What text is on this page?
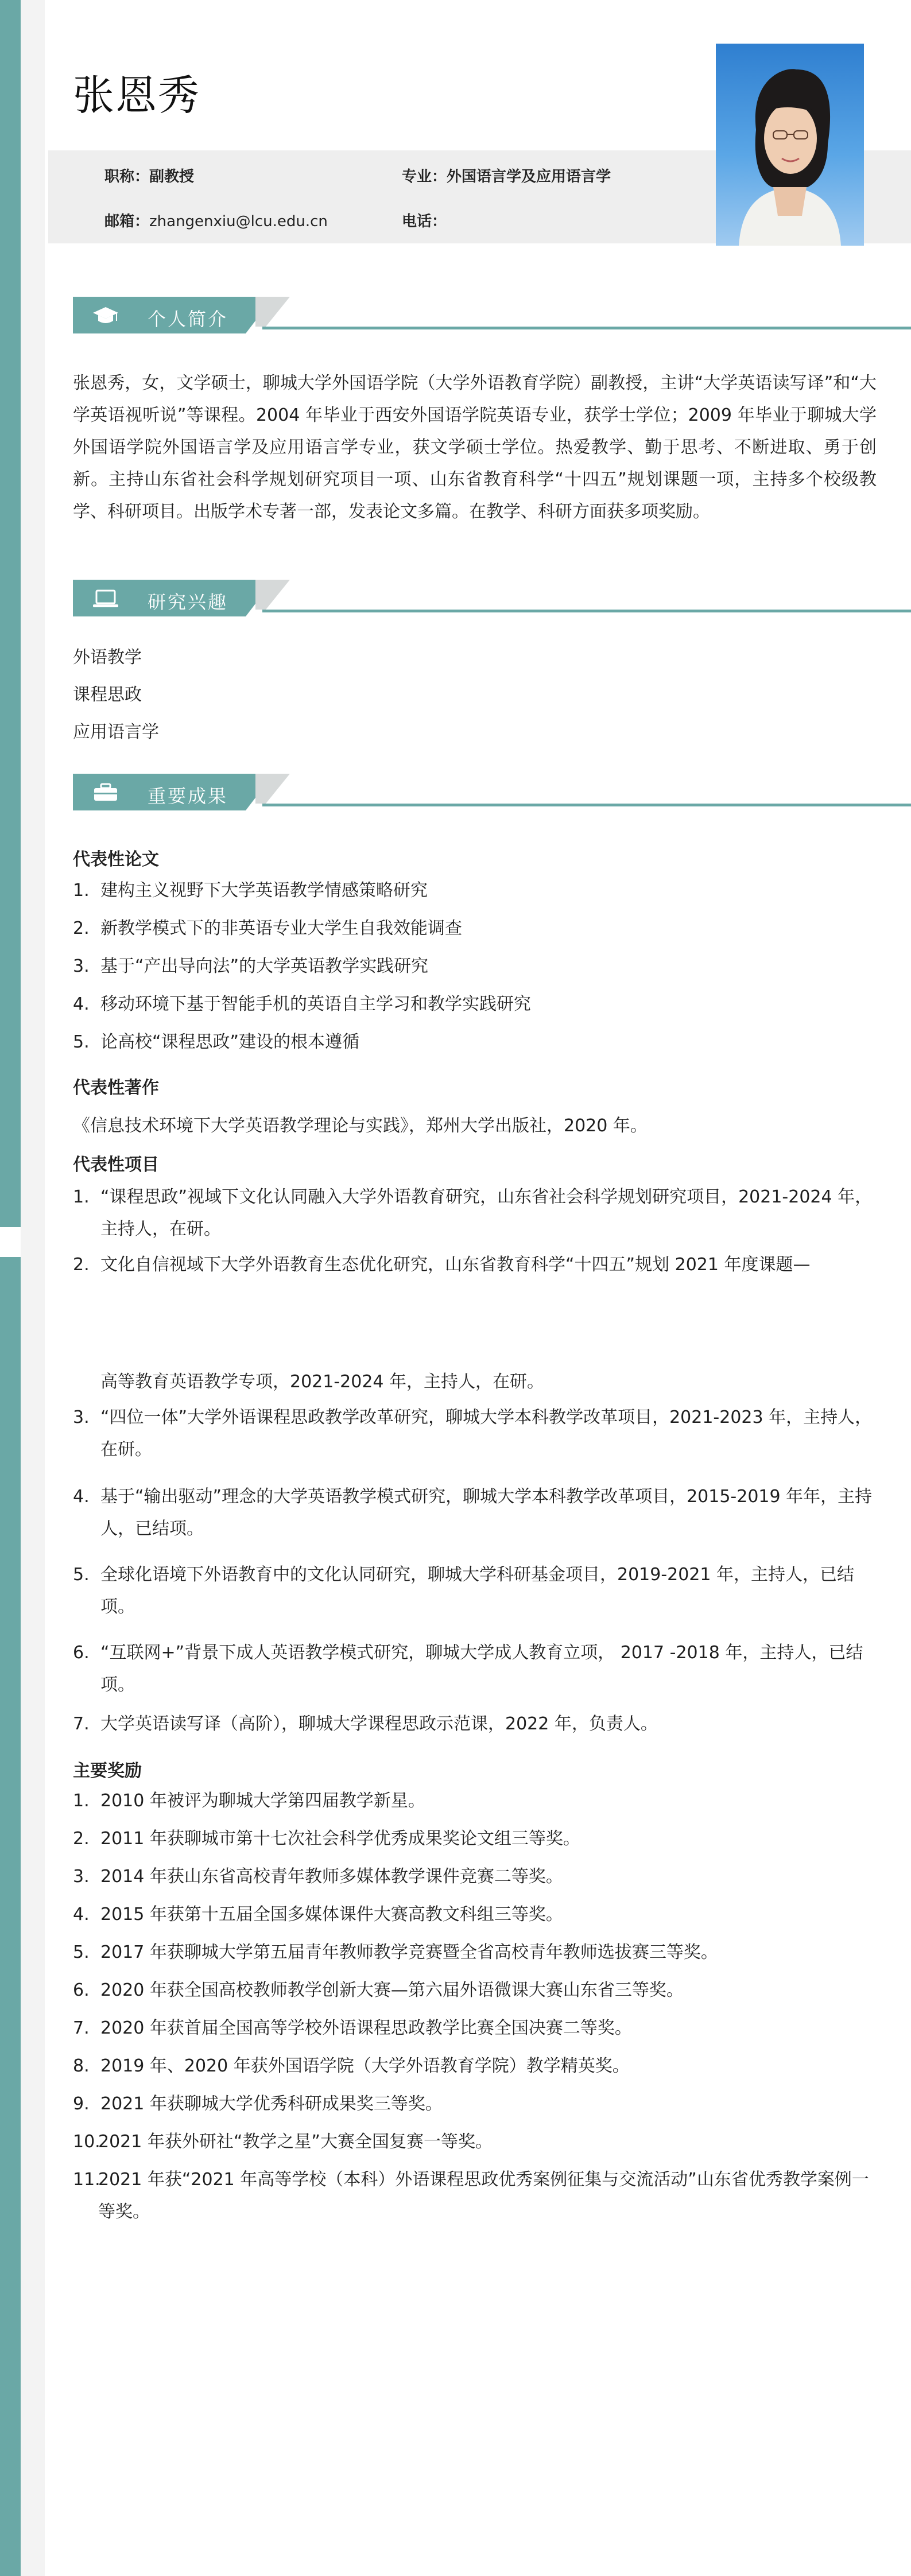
张恩秀
职称：副教授	专业：外国语言学及应用语言学
邮箱：zhangenxiu@lcu.edu.cn	电话：
个人简介
张恩秀，女，文学硕士，聊城大学外国语学院（大学外语教育学院）副教授，主讲“大学英语读写译”和“大学英语视听说”等课程。2004 年毕业于西安外国语学院英语专业，获学士学位；2009 年毕业于聊城大学外国语学院外国语言学及应用语言学专业，获文学硕士学位。热爱教学、勤于思考、不断进取、勇于创新。主持山东省社会科学规划研究项目一项、山东省教育科学“十四五”规划课题一项，主持多个校级教学、科研项目。出版学术专著一部，发表论文多篇。在教学、科研方面获多项奖励。
研究兴趣
外语教学
课程思政
应用语言学
重要成果
代表性论文
1. 建构主义视野下大学英语教学情感策略研究
2. 新教学模式下的非英语专业大学生自我效能调查
3. 基于“产出导向法”的大学英语教学实践研究
4. 移动环境下基于智能手机的英语自主学习和教学实践研究
5. 论高校“课程思政”建设的根本遵循
代表性著作
《信息技术环境下大学英语教学理论与实践》，郑州大学出版社，2020 年。
代表性项目
1. “课程思政”视域下文化认同融入大学外语教育研究，山东省社会科学规划研究项目，2021-2024 年，主持人，在研。
2. 文化自信视域下大学外语教育生态优化研究，山东省教育科学“十四五”规划 2021 年度课题—
高等教育英语教学专项，2021-2024 年，主持人，在研。
3. “四位一体”大学外语课程思政教学改革研究，聊城大学本科教学改革项目，2021-2023 年，主持人，在研。
4. 基于“输出驱动”理念的大学英语教学模式研究，聊城大学本科教学改革项目，2015-2019 年年，主持人，已结项。
5. 全球化语境下外语教育中的文化认同研究，聊城大学科研基金项目，2019-2021 年，主持人，已结项。
6. “互联网+”背景下成人英语教学模式研究，聊城大学成人教育立项， 2017 -2018 年，主持人，已结项。
7. 大学英语读写译（高阶），聊城大学课程思政示范课，2022 年，负责人。
主要奖励
1. 2010 年被评为聊城大学第四届教学新星。
2. 2011 年获聊城市第十七次社会科学优秀成果奖论文组三等奖。
3. 2014 年获山东省高校青年教师多媒体教学课件竞赛二等奖。
4. 2015 年获第十五届全国多媒体课件大赛高教文科组三等奖。
5. 2017 年获聊城大学第五届青年教师教学竞赛暨全省高校青年教师选拔赛三等奖。
6. 2020 年获全国高校教师教学创新大赛—第六届外语微课大赛山东省三等奖。
7. 2020 年获首届全国高等学校外语课程思政教学比赛全国决赛二等奖。
8. 2019 年、2020 年获外国语学院（大学外语教育学院）教学精英奖。
9. 2021 年获聊城大学优秀科研成果奖三等奖。
10.
2021 年获外研社“教学之星”大赛全国复赛一等奖。
11.
2021 年获“2021 年高等学校（本科）外语课程思政优秀案例征集与交流活动”山东省优秀教学案例一等奖。
